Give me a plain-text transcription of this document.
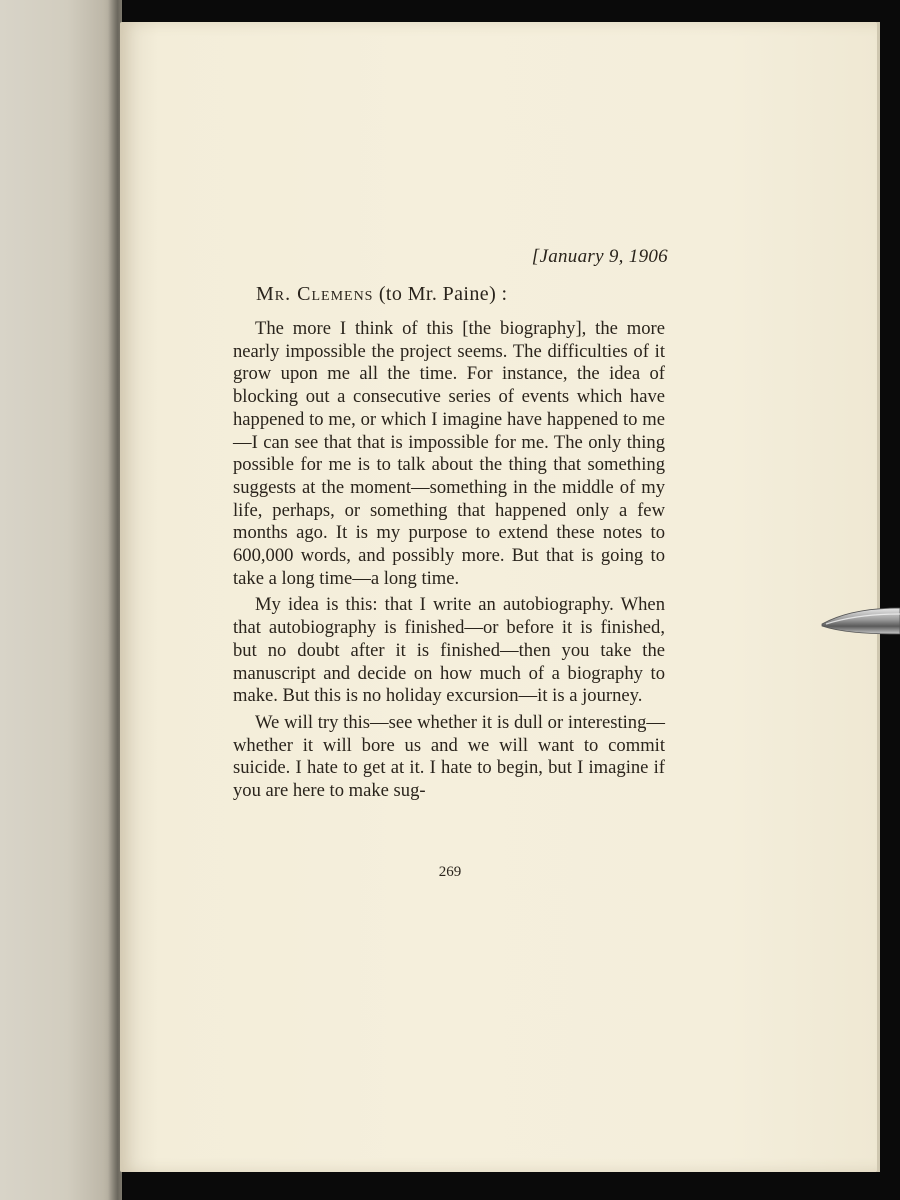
[January 9, 1906
Mr. Clemens (to Mr. Paine) :

The more I think of this [the biography], the more nearly impossible the project seems. The difficulties of it grow upon me all the time. For instance, the idea of blocking out a consecutive series of events which have happened to me, or which I imagine have happened to me—I can see that that is impossible for me. The only thing possible for me is to talk about the thing that something suggests at the moment—something in the middle of my life, perhaps, or something that happened only a few months ago. It is my purpose to extend these notes to 600,000 words, and possibly more. But that is going to take a long time—a long time.

My idea is this: that I write an autobiography. When that autobiography is finished—or before it is finished, but no doubt after it is finished—then you take the manuscript and decide on how much of a biography to make. But this is no holiday excursion—it is a journey.

We will try this—see whether it is dull or interesting—whether it will bore us and we will want to commit suicide. I hate to get at it. I hate to begin, but I imagine if you are here to make sug-

269
